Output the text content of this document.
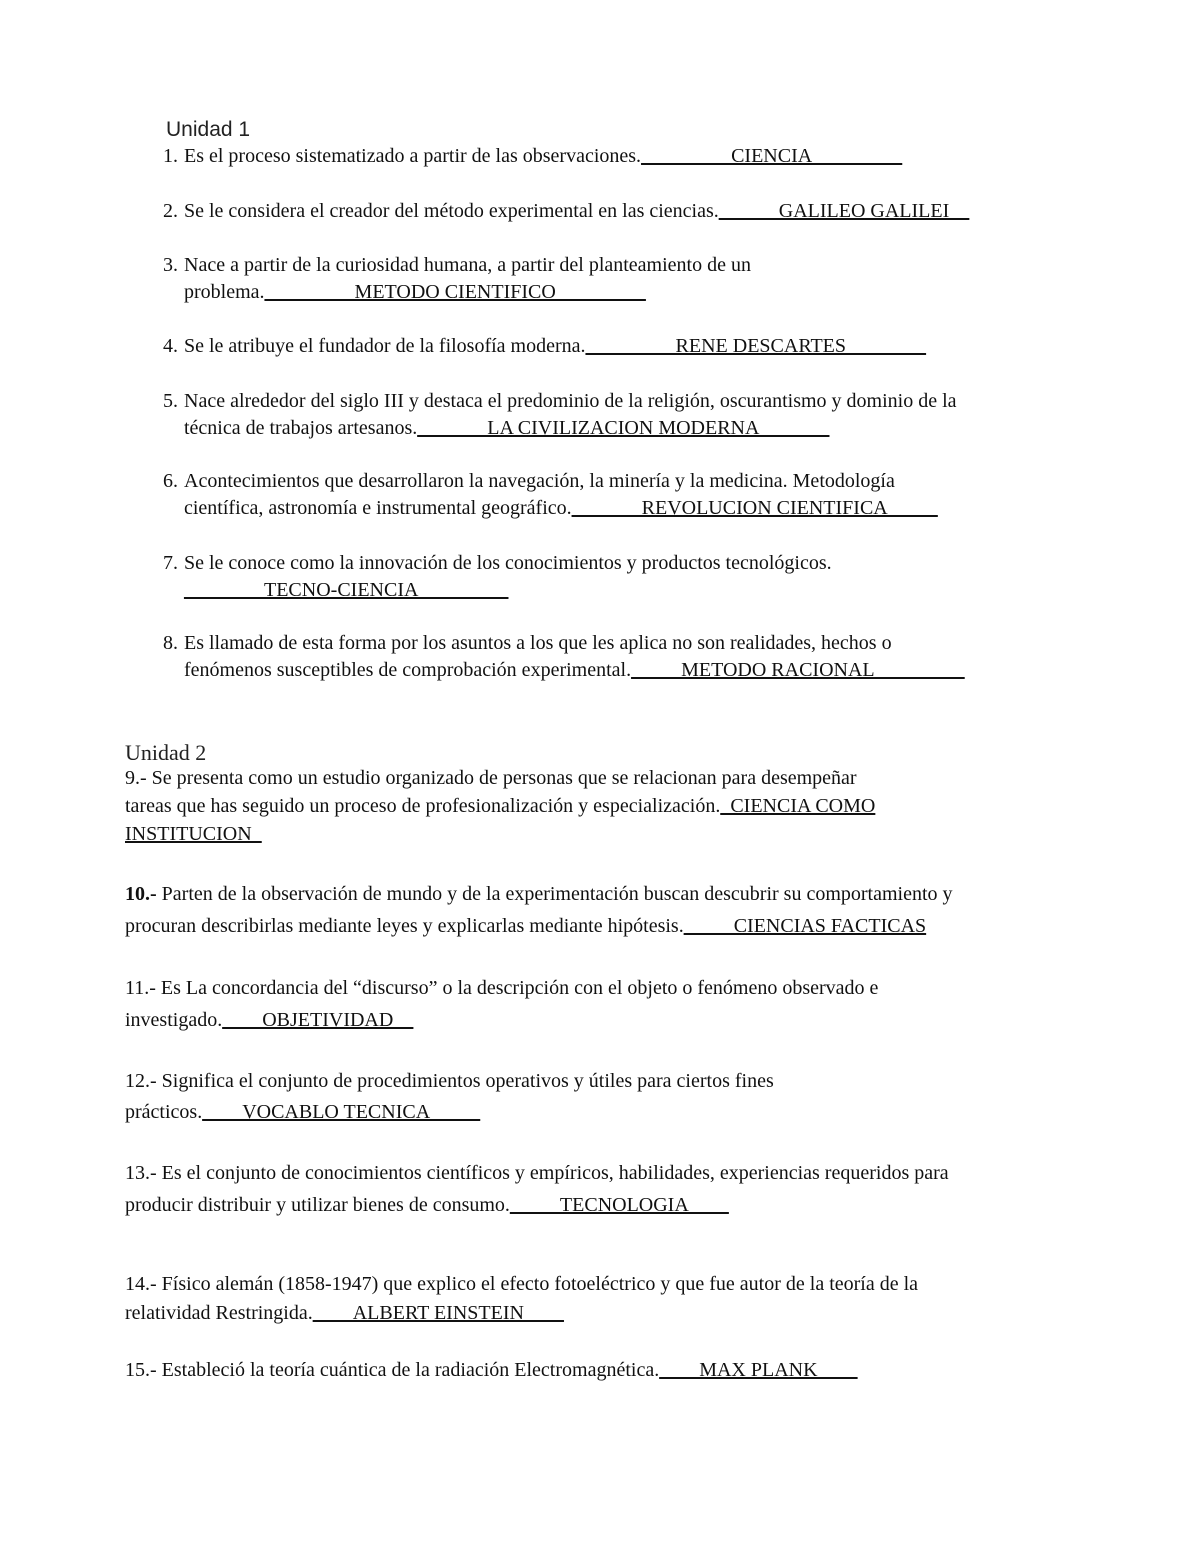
Unidad 1
1. Es el proceso sistematizado a partir de las observaciones._________CIENCIA_________
2. Se le considera el creador del método experimental en las ciencias.______GALILEO GALILEI__
3. Nace a partir de la curiosidad humana, a partir del planteamiento de un
problema._________METODO CIENTIFICO_________
4. Se le atribuye el fundador de la filosofía moderna._________RENE DESCARTES________
5. Nace alrededor del siglo III y destaca el predominio de la religión, oscurantismo y dominio de la
técnica de trabajos artesanos._______LA CIVILIZACION MODERNA_______
6. Acontecimientos que desarrollaron la navegación, la minería y la medicina. Metodología
científica, astronomía e instrumental geográfico._______REVOLUCION CIENTIFICA_____
7. Se le conoce como la innovación de los conocimientos y productos tecnológicos.
________TECNO-CIENCIA_________
8. Es llamado de esta forma por los asuntos a los que les aplica no son realidades, hechos o
fenómenos susceptibles de comprobación experimental._____METODO RACIONAL_________
Unidad 2
9.- Se presenta como un estudio organizado de personas que se relacionan para desempeñar
tareas que has seguido un proceso de profesionalización y especialización._CIENCIA COMO
INSTITUCION_
10.- Parten de la observación de mundo y de la experimentación buscan descubrir su comportamiento y
procuran describirlas mediante leyes y explicarlas mediante hipótesis._____CIENCIAS FACTICAS
11.- Es La concordancia del “discurso” o la descripción con el objeto o fenómeno observado e
investigado.____OBJETIVIDAD__
12.- Significa el conjunto de procedimientos operativos y útiles para ciertos fines
prácticos.____VOCABLO TECNICA_____
13.- Es el conjunto de conocimientos científicos y empíricos, habilidades, experiencias requeridos para
producir distribuir y utilizar bienes de consumo._____TECNOLOGIA____
14.- Físico alemán (1858-1947) que explico el efecto fotoeléctrico y que fue autor de la teoría de la
relatividad Restringida.____ALBERT EINSTEIN____
15.- Estableció la teoría cuántica de la radiación Electromagnética.____MAX PLANK____
